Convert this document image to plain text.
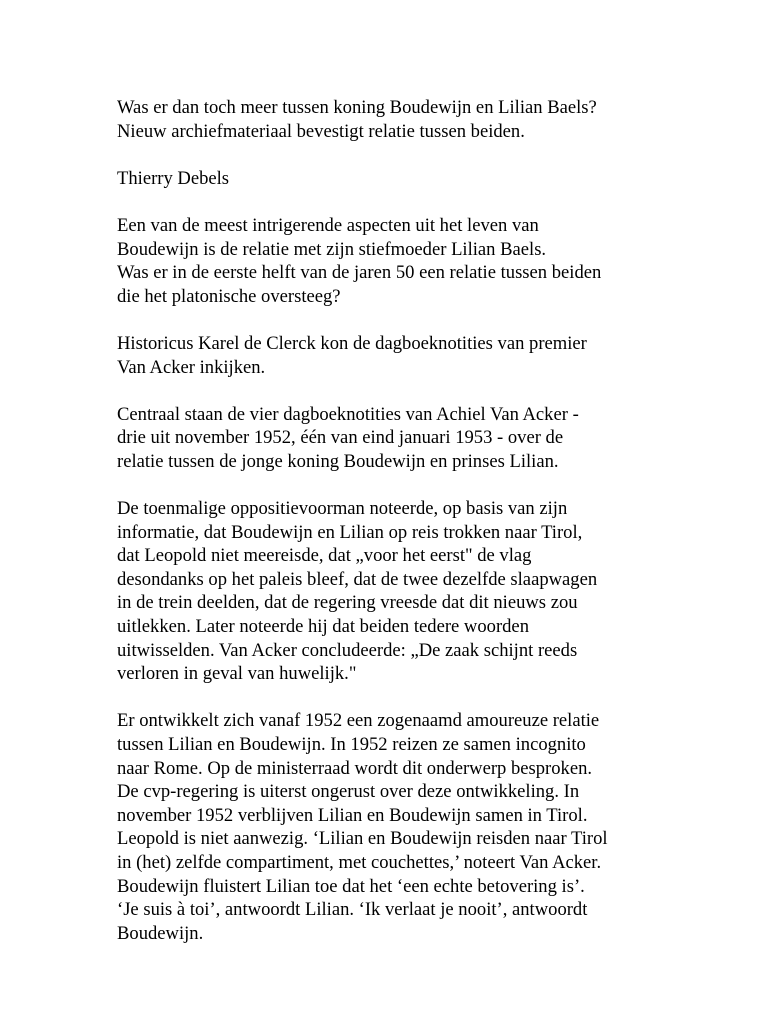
Was er dan toch meer tussen koning Boudewijn en Lilian Baels?
Nieuw archiefmateriaal bevestigt relatie tussen beiden.
Thierry Debels
Een van de meest intrigerende aspecten uit het leven van
Boudewijn is de relatie met zijn stiefmoeder Lilian Baels.
Was er in de eerste helft van de jaren 50 een relatie tussen beiden
die het platonische oversteeg?
Historicus Karel de Clerck kon de dagboeknotities van premier
Van Acker inkijken.
Centraal staan de vier dagboeknotities van Achiel Van Acker -
drie uit november 1952, één van eind januari 1953 - over de
relatie tussen de jonge koning Boudewijn en prinses Lilian.
De toenmalige oppositievoorman noteerde, op basis van zijn
informatie, dat Boudewijn en Lilian op reis trokken naar Tirol,
dat Leopold niet meereisde, dat „voor het eerst" de vlag
desondanks op het paleis bleef, dat de twee dezelfde slaapwagen
in de trein deelden, dat de regering vreesde dat dit nieuws zou
uitlekken. Later noteerde hij dat beiden tedere woorden
uitwisselden. Van Acker concludeerde: „De zaak schijnt reeds
verloren in geval van huwelijk."
Er ontwikkelt zich vanaf 1952 een zogenaamd amoureuze relatie
tussen Lilian en Boudewijn. In 1952 reizen ze samen incognito
naar Rome. Op de ministerraad wordt dit onderwerp besproken.
De cvp-regering is uiterst ongerust over deze ontwikkeling. In
november 1952 verblijven Lilian en Boudewijn samen in Tirol.
Leopold is niet aanwezig. ‘Lilian en Boudewijn reisden naar Tirol
in (het) zelfde compartiment, met couchettes,’ noteert Van Acker.
Boudewijn fluistert Lilian toe dat het ‘een echte betovering is’.
‘Je suis à toi’, antwoordt Lilian. ‘Ik verlaat je nooit’, antwoordt
Boudewijn.
